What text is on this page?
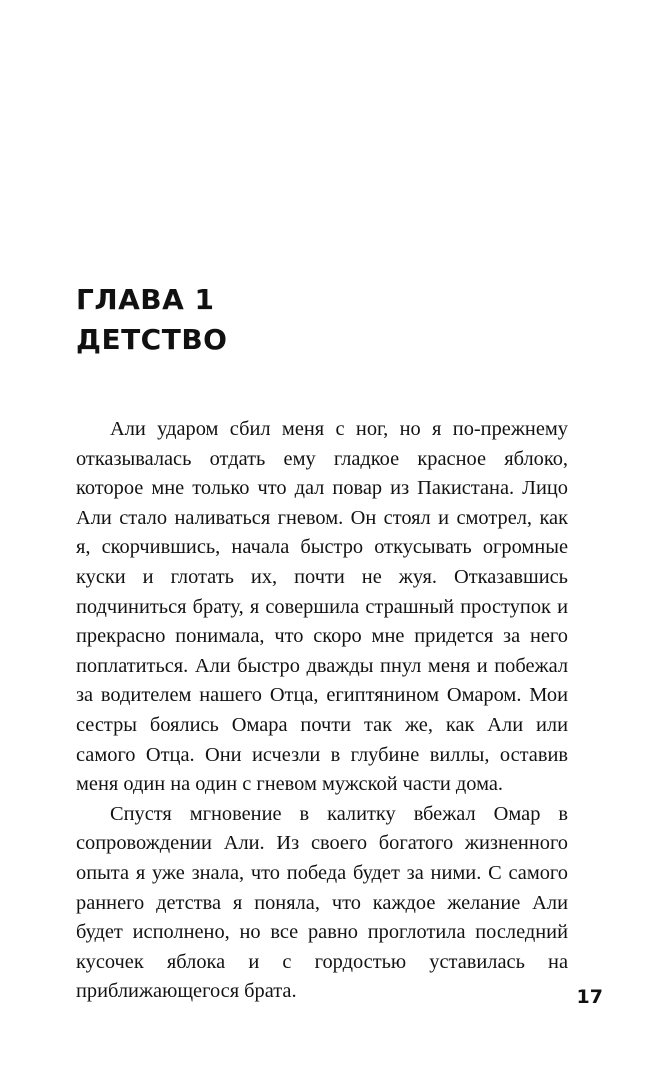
ГЛАВА 1
ДЕТСТВО

Али ударом сбил меня с ног, но я по-прежнему отказывалась отдать ему гладкое красное яблоко, которое мне только что дал повар из Пакистана. Лицо Али стало наливаться гневом. Он стоял и смотрел, как я, скорчившись, начала быстро откусывать огромные куски и глотать их, почти не жуя. Отказавшись подчиниться брату, я совершила страшный проступок и прекрасно понимала, что скоро мне придется за него поплатиться. Али быстро дважды пнул меня и побежал за водителем нашего Отца, египтянином Омаром. Мои сестры боялись Омара почти так же, как Али или самого Отца. Они исчезли в глубине виллы, оставив меня один на один с гневом мужской части дома.

Спустя мгновение в калитку вбежал Омар в сопровождении Али. Из своего богатого жизненного опыта я уже знала, что победа будет за ними. С самого раннего детства я поняла, что каждое желание Али будет исполнено, но все равно проглотила последний кусочек яблока и с гордостью уставилась на приближающегося брата.	17
